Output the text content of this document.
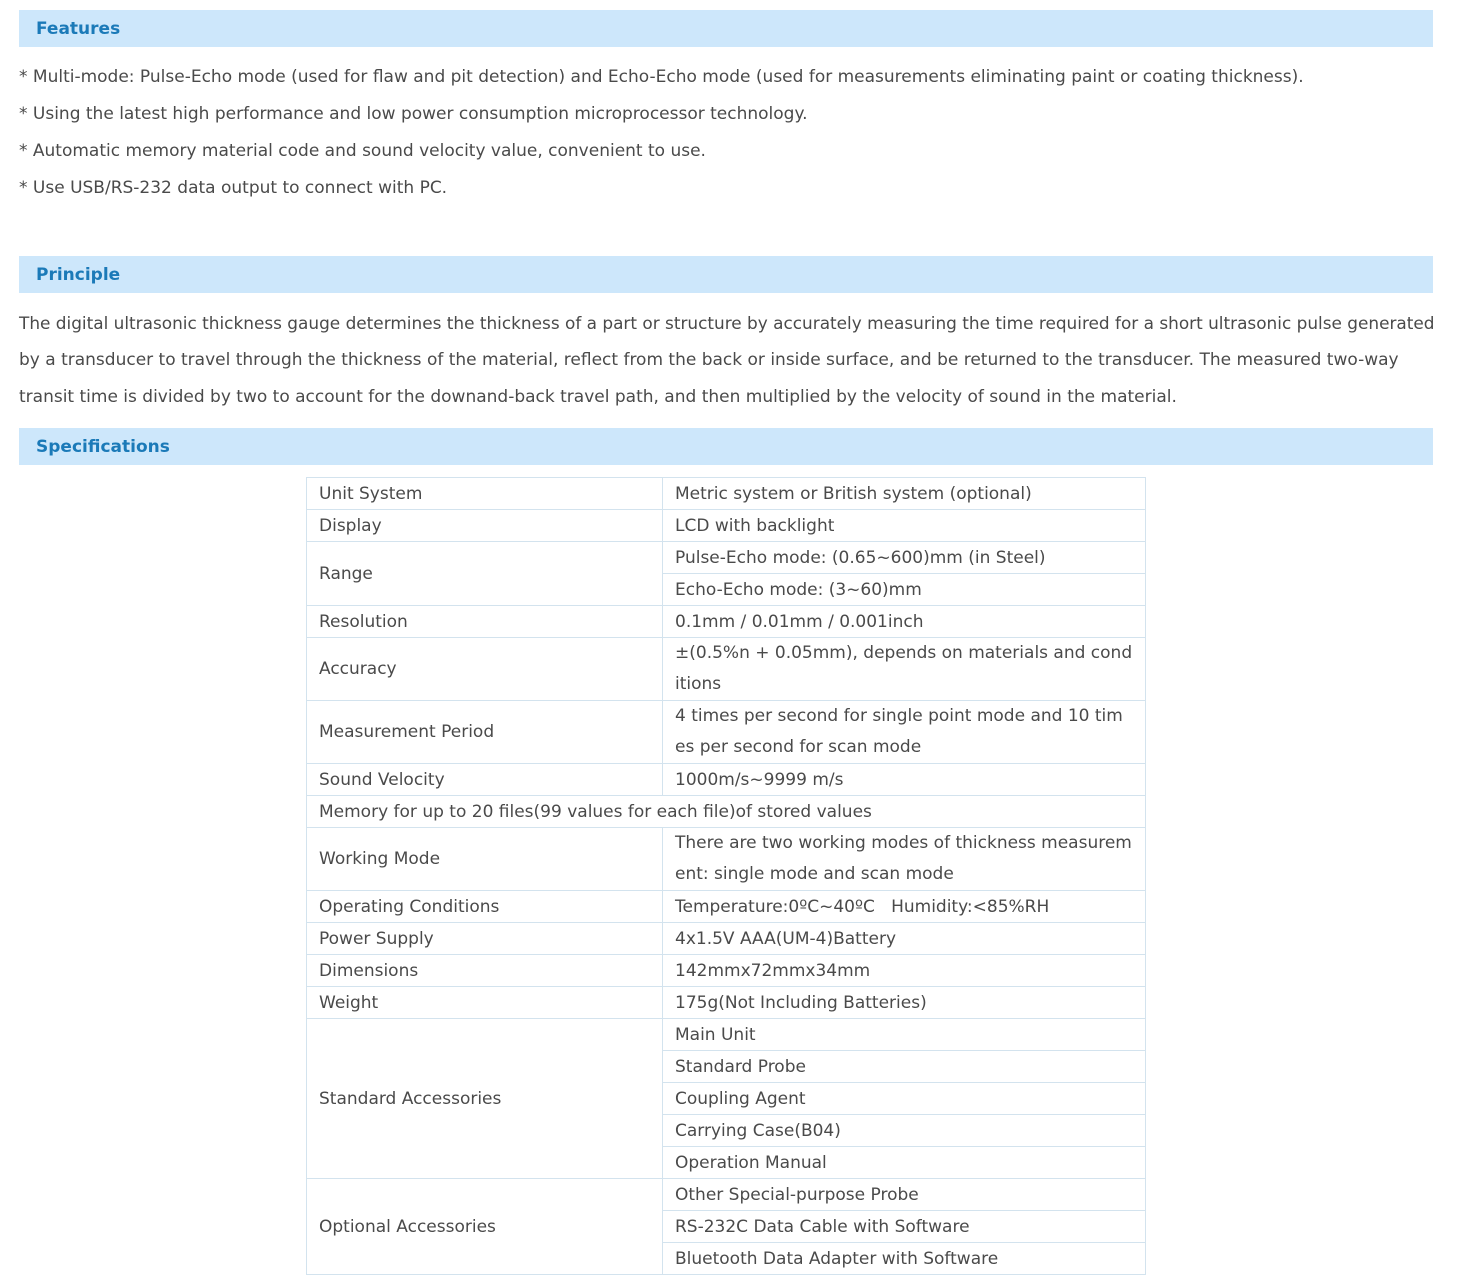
Features
* Multi-mode: Pulse-Echo mode (used for flaw and pit detection) and Echo-Echo mode (used for measurements eliminating paint or coating thickness).
* Using the latest high performance and low power consumption microprocessor technology.
* Automatic memory material code and sound velocity value, convenient to use.
* Use USB/RS-232 data output to connect with PC.
Principle
The digital ultrasonic thickness gauge determines the thickness of a part or structure by accurately measuring the time required for a short ultrasonic pulse generated
by a transducer to travel through the thickness of the material, reflect from the back or inside surface, and be returned to the transducer. The measured two-way
transit time is divided by two to account for the downand-back travel path, and then multiplied by the velocity of sound in the material.
Specifications
Unit System	Metric system or British system (optional)
Display	LCD with backlight
Range	Pulse-Echo mode: (0.65~600)mm (in Steel)
	Echo-Echo mode: (3~60)mm
Resolution	0.1mm / 0.01mm / 0.001inch
Accuracy	±(0.5%n + 0.05mm), depends on materials and conditions
Measurement Period	4 times per second for single point mode and 10 times per second for scan mode
Sound Velocity	1000m/s~9999 m/s
Memory for up to 20 files(99 values for each file)of stored values	
Working Mode	There are two working modes of thickness measurement: single mode and scan mode
Operating Conditions	Temperature:0ºC~40ºC   Humidity:<85%RH
Power Supply	4x1.5V AAA(UM-4)Battery
Dimensions	142mmx72mmx34mm
Weight	175g(Not Including Batteries)
Standard Accessories	Main Unit
	Standard Probe
	Coupling Agent
	Carrying Case(B04)
	Operation Manual
Optional Accessories	Other Special-purpose Probe
	RS-232C Data Cable with Software
	Bluetooth Data Adapter with Software
